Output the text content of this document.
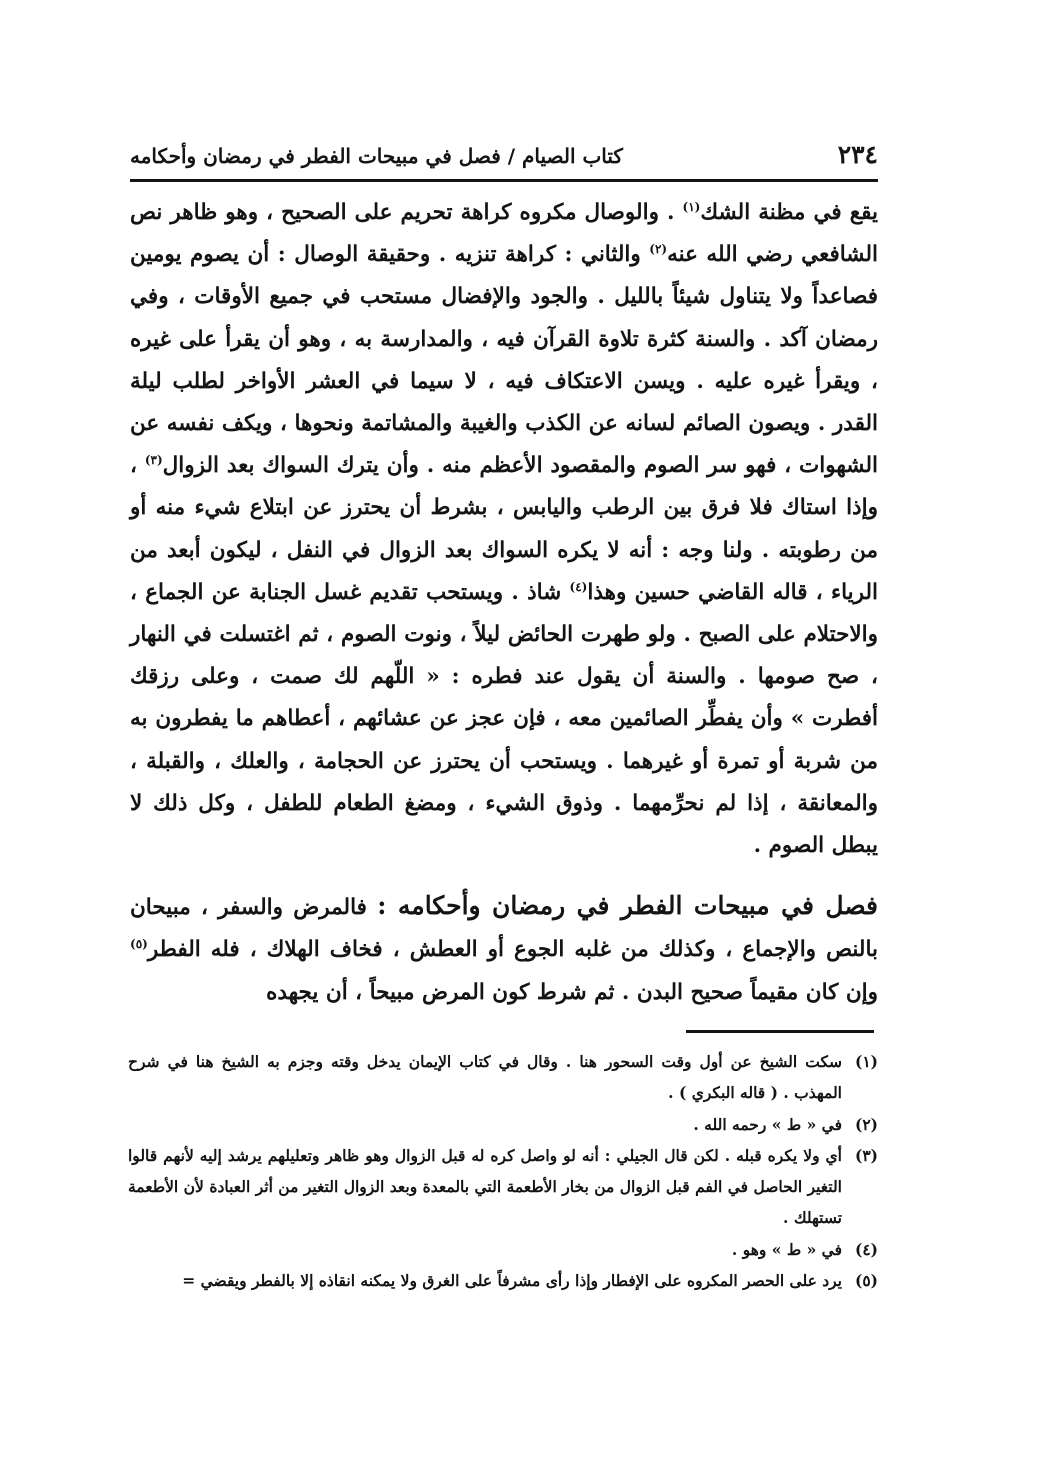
٢٣٤
كتاب الصيام / فصل في مبيحات الفطر في رمضان وأحكامه

يقع في مظنة الشك$^{(١)}$ . والوصال مكروه كراهة تحريم على الصحيح ، وهو ظاهر نص الشافعي رضي الله عنه$^{(٢)}$ والثاني : كراهة تنزيه . وحقيقة الوصال : أن يصوم يومين فصاعداً ولا يتناول شيئاً بالليل . والجود والإفضال مستحب في جميع الأوقات ، وفي رمضان آكد . والسنة كثرة تلاوة القرآن فيه ، والمدارسة به ، وهو أن يقرأ على غيره ، ويقرأ غيره عليه . ويسن الاعتكاف فيه ، لا سيما في العشر الأواخر لطلب ليلة القدر . ويصون الصائم لسانه عن الكذب والغيبة والمشاتمة ونحوها ، ويكف نفسه عن الشهوات ، فهو سر الصوم والمقصود الأعظم منه . وأن يترك السواك بعد الزوال$^{(٣)}$ ، وإذا استاك فلا فرق بين الرطب واليابس ، بشرط أن يحترز عن ابتلاع شيء منه أو من رطوبته . ولنا وجه : أنه لا يكره السواك بعد الزوال في النفل ، ليكون أبعد من الرياء ، قاله القاضي حسين وهذا$^{(٤)}$ شاذ . ويستحب تقديم غسل الجنابة عن الجماع ، والاحتلام على الصبح . ولو طهرت الحائض ليلاً ، ونوت الصوم ، ثم اغتسلت في النهار ، صح صومها . والسنة أن يقول عند فطره : « اللّهم لك صمت ، وعلى رزقك أفطرت » وأن يفطِّر الصائمين معه ، فإن عجز عن عشائهم ، أعطاهم ما يفطرون به من شربة أو تمرة أو غيرهما . ويستحب أن يحترز عن الحجامة ، والعلك ، والقبلة ، والمعانقة ، إذا لم نحرِّمهما . وذوق الشيء ، ومضغ الطعام للطفل ، وكل ذلك لا يبطل الصوم .

فصل في مبيحات الفطر في رمضان وأحكامه : فالمرض والسفر ، مبيحان بالنص والإجماع ، وكذلك من غلبه الجوع أو العطش ، فخاف الهلاك ، فله الفطر$^{(٥)}$ وإن كان مقيماً صحيح البدن . ثم شرط كون المرض مبيحاً ، أن يجهده

(١)
سكت الشيخ عن أول وقت السحور هنا . وقال في كتاب الإيمان يدخل وقته وجزم به الشيخ هنا في شرح المهذب . ( قاله البكري ) .
(٢)
في « ط » رحمه الله .
(٣)
أي ولا يكره قبله . لكن قال الجيلي : أنه لو واصل كره له قبل الزوال وهو ظاهر وتعليلهم يرشد إليه لأنهم قالوا التغير الحاصل في الفم قبل الزوال من بخار الأطعمة التي بالمعدة وبعد الزوال التغير من أثر العبادة لأن الأطعمة تستهلك .
(٤)
في « ط » وهو .
(٥)
يرد على الحصر المكروه على الإفطار وإذا رأى مشرفاً على الغرق ولا يمكنه انقاذه إلا بالفطر ويقضي =
